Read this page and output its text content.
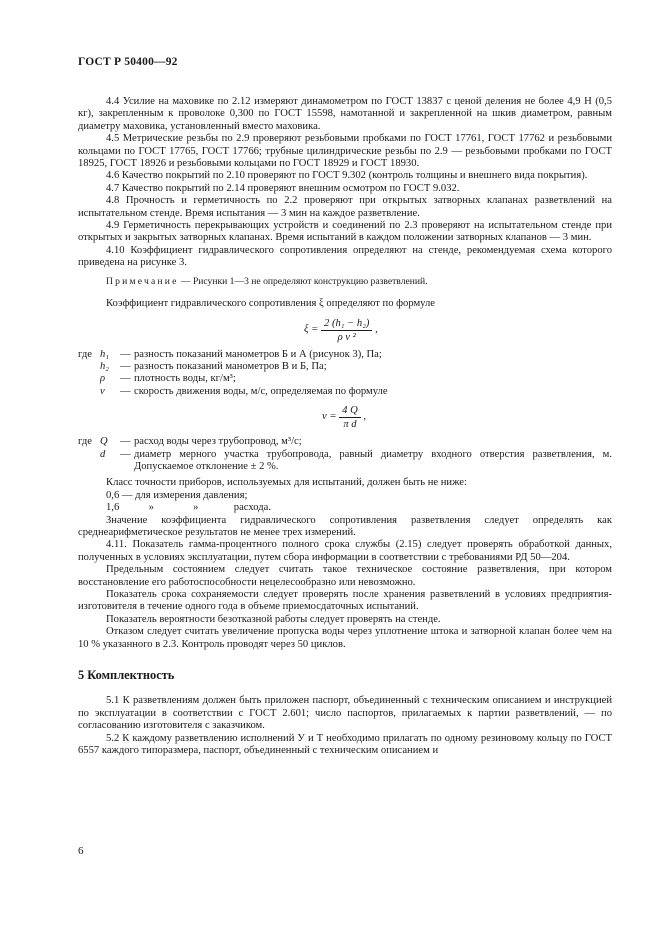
ГОСТ Р 50400—92

4.4 Усилие на маховике по 2.12 измеряют динамометром по ГОСТ 13837 с ценой деления не более 4,9 Н (0,5 кг), закрепленным к проволоке 0,300 по ГОСТ 15598, намотанной и закрепленной на шкив диаметром, равным диаметру маховика, установленный вместо маховика.

4.5 Метрические резьбы по 2.9 проверяют резьбовыми пробками по ГОСТ 17761, ГОСТ 17762 и резьбовыми кольцами по ГОСТ 17765, ГОСТ 17766; трубные цилиндрические резьбы по 2.9 — резьбовыми пробками по ГОСТ 18925, ГОСТ 18926 и резьбовыми кольцами по ГОСТ 18929 и ГОСТ 18930.

4.6 Качество покрытий по 2.10 проверяют по ГОСТ 9.302 (контроль толщины и внешнего вида покрытия).

4.7 Качество покрытий по 2.14 проверяют внешним осмотром по ГОСТ 9.032.

4.8 Прочность и герметичность по 2.2 проверяют при открытых затворных клапанах разветвлений на испытательном стенде. Время испытания — 3 мин на каждое разветвление.

4.9 Герметичность перекрывающих устройств и соединений по 2.3 проверяют на испытательном стенде при открытых и закрытых затворных клапанах. Время испытаний в каждом положении затворных клапанов — 3 мин.

4.10 Коэффициент гидравлического сопротивления определяют на стенде, рекомендуемая схема которого приведена на рисунке 3.

Примечание — Рисунки 1—3 не определяют конструкцию разветвлений.

Коэффициент гидравлического сопротивления ξ определяют по формуле

$\xi = \frac{\text{2 (h₁ − h₂)}}{\text{ρ v ²}}$ ,
где	h₁	—	разность показаний манометров Б и А (рисунок 3), Па;
	h₂	—	разность показаний манометров В и Б, Па;
	ρ	—	плотность воды, кг/м³;
	v	—	скорость движения воды, м/с, определяемая по формуле
$v = \frac{4 Q}{\text{π d}}$ ,
где	Q	—	расход воды через трубопровод, м³/с;
	d	—	диаметр мерного участка трубопровода, равный диаметру входного отверстия разветвления, м. Допускаемое отклонение ± 2 %.

Класс точности приборов, используемых для испытаний, должен быть не ниже:

0,6 — для измерения давления;

1,6	»	»	расхода.

Значение коэффициента гидравлического сопротивления разветвления следует определять как среднеарифметическое результатов не менее трех измерений.

4.11. Показатель гамма-процентного полного срока службы (2.15) следует проверять обработкой данных, полученных в условиях эксплуатации, путем сбора информации в соответствии с требованиями РД 50—204.

Предельным состоянием следует считать такое техническое состояние разветвления, при котором восстановление его работоспособности нецелесообразно или невозможно.

Показатель срока сохраняемости следует проверять после хранения разветвлений в условиях предприятия-изготовителя в течение одного года в объеме приемосдаточных испытаний.

Показатель вероятности безотказной работы следует проверять на стенде.

Отказом следует считать увеличение пропуска воды через уплотнение штока и затворной клапан более чем на 10 % указанного в 2.3. Контроль проводят через 50 циклов.

5 Комплектность

5.1 К разветвлениям должен быть приложен паспорт, объединенный с техническим описанием и инструкцией по эксплуатации в соответствии с ГОСТ 2.601; число паспортов, прилагаемых к партии разветвлений, — по согласованию изготовителя с заказчиком.

5.2 К каждому разветвлению исполнений У и Т необходимо прилагать по одному резиновому кольцу по ГОСТ 6557 каждого типоразмера, паспорт, объединенный с техническим описанием и

6
